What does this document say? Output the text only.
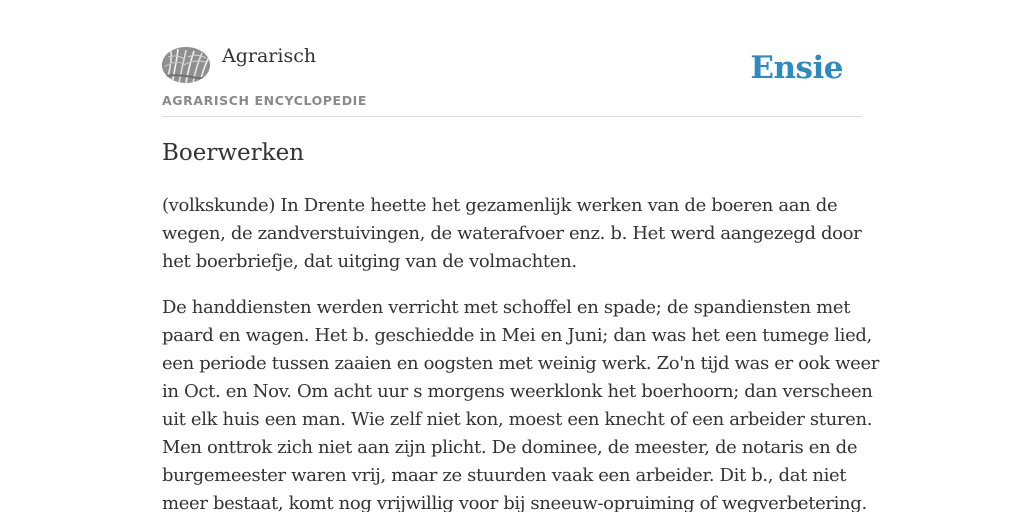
Agrarisch
AGRARISCH ENCYCLOPEDIE
Ensie
Boerwerken

(volkskunde) In Drente heette het gezamenlijk werken van de boeren aan de
wegen, de zandverstuivingen, de waterafvoer enz. b. Het werd aangezegd door
het boerbriefje, dat uitging van de volmachten.

De handdiensten werden verricht met schoffel en spade; de spandiensten met
paard en wagen. Het b. geschiedde in Mei en Juni; dan was het een tumege lied,
een periode tussen zaaien en oogsten met weinig werk. Zo'n tijd was er ook weer
in Oct. en Nov. Om acht uur s morgens weerklonk het boerhoorn; dan verscheen
uit elk huis een man. Wie zelf niet kon, moest een knecht of een arbeider sturen.
Men onttrok zich niet aan zijn plicht. De dominee, de meester, de notaris en de
burgemeester waren vrij, maar ze stuurden vaak een arbeider. Dit b., dat niet
meer bestaat, komt nog vrijwillig voor bij sneeuw-opruiming of wegverbetering.
